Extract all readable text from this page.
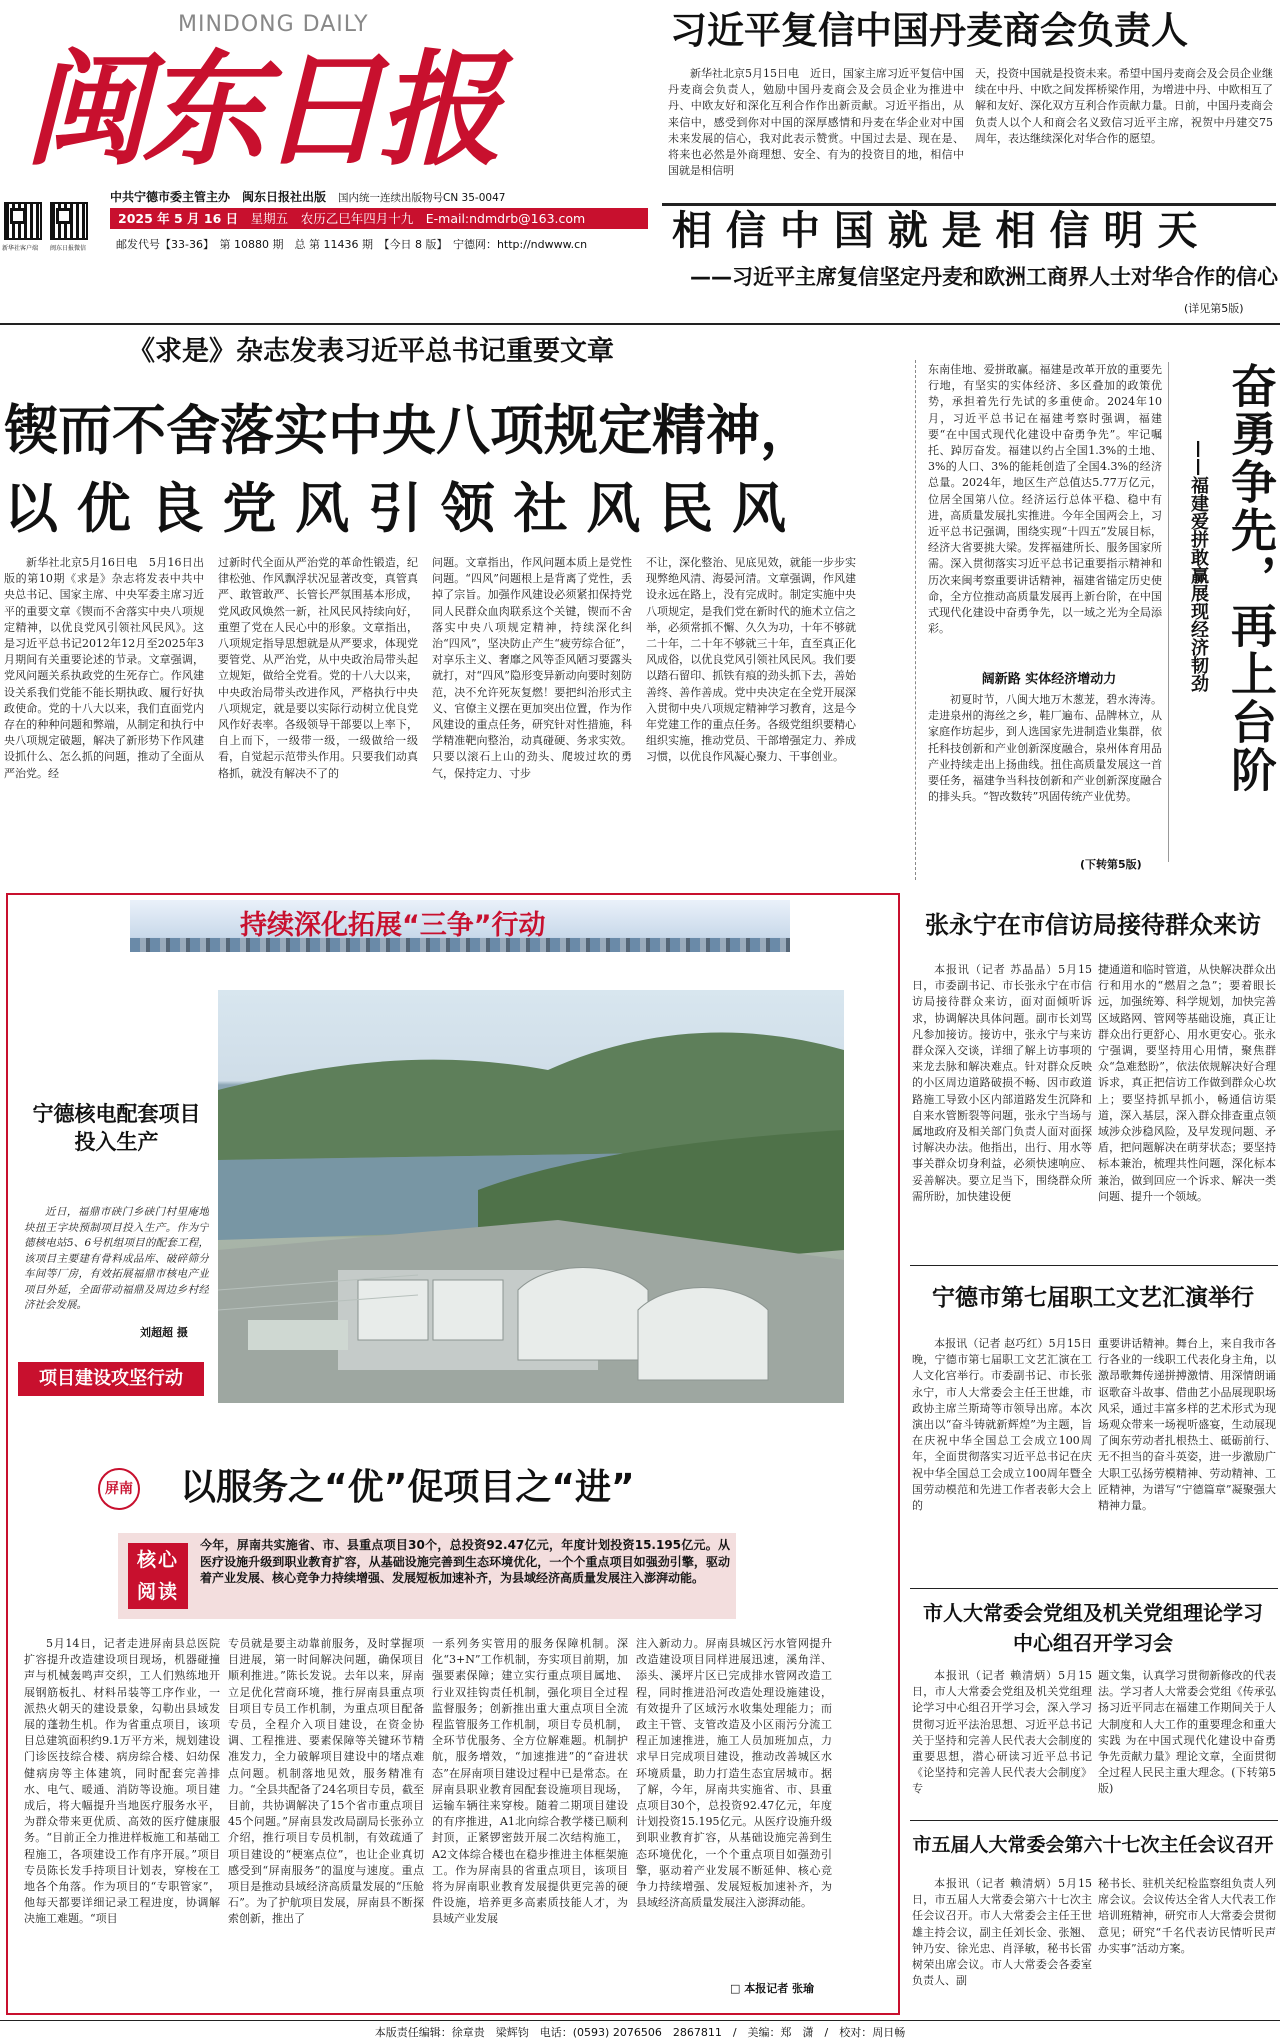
MINDONG DAILY
闽东日报
中共宁德市委主管主办　闽东日报社出版　 国内统一连续出版物号CN 35-0047
新华社客户端 闽东日报微信
2025 年 5 月 16 日　 星期五　 农历乙巳年四月十九　 E-mail:ndmdrb@163.com
邮发代号【33-36】　 第 10880 期　 总 第 11436 期　 【今日 8 版】　 宁德网：http://ndwww.cn
习近平复信中国丹麦商会负责人

新华社北京5月15日电　近日，国家主席习近平复信中国丹麦商会负责人，勉励中国丹麦商会及会员企业为推进中丹、中欧友好和深化互利合作作出新贡献。习近平指出，从来信中，感受到你对中国的深厚感情和丹麦在华企业对中国未来发展的信心，我对此表示赞赏。中国过去是、现在是、将来也必然是外商理想、安全、有为的投资目的地，相信中国就是相信明

天，投资中国就是投资未来。希望中国丹麦商会及会员企业继续在中丹、中欧之间发挥桥梁作用，为增进中丹、中欧相互了解和友好、深化双方互利合作贡献力量。日前，中国丹麦商会负责人以个人和商会名义致信习近平主席，祝贺中丹建交75周年，表达继续深化对华合作的愿望。

相 信 中 国 就 是 相 信 明 天
——习近平主席复信坚定丹麦和欧洲工商界人士对华合作的信心
(详见第5版)
《求是》杂志发表习近平总书记重要文章
锲而不舍落实中央八项规定精神，
以 优 良 党 风 引 领 社 风 民 风

新华社北京5月16日电　5月16日出版的第10期《求是》杂志将发表中共中央总书记、国家主席、中央军委主席习近平的重要文章《锲而不舍落实中央八项规定精神，以优良党风引领社风民风》。这是习近平总书记2012年12月至2025年3月期间有关重要论述的节录。文章强调，党风问题关系执政党的生死存亡。作风建设关系我们党能不能长期执政、履行好执政使命。党的十八大以来，我们直面党内存在的种种问题和弊端，从制定和执行中央八项规定破题，解决了新形势下作风建设抓什么、怎么抓的问题，推动了全面从严治党。经

过新时代全面从严治党的革命性锻造，纪律松弛、作风飘浮状况显著改变，真管真严、敢管敢严、长管长严氛围基本形成，党风政风焕然一新，社风民风持续向好，重塑了党在人民心中的形象。文章指出，八项规定指导思想就是从严要求，体现党要管党、从严治党，从中央政治局带头起立规矩，做给全党看。党的十八大以来，中央政治局带头改进作风，严格执行中央八项规定，就是要以实际行动树立优良党风作好表率。各级领导干部要以上率下，自上而下，一级带一级，一级做给一级看，自觉起示范带头作用。只要我们动真格抓，就没有解决不了的

问题。文章指出，作风问题本质上是党性问题。“四风”问题根上是背离了党性，丢掉了宗旨。加强作风建设必须紧扣保持党同人民群众血肉联系这个关键，锲而不舍落实中央八项规定精神，持续深化纠治“四风”，坚决防止产生“疲劳综合征”，对享乐主义、奢靡之风等歪风陋习要露头就打，对“四风”隐形变异新动向要时刻防范，决不允许死灰复燃！要把纠治形式主义、官僚主义摆在更加突出位置，作为作风建设的重点任务，研究针对性措施，科学精准靶向整治，动真碰硬、务求实效。只要以滚石上山的劲头、爬坡过坎的勇气，保持定力、寸步

不让，深化整治、见底见效，就能一步步实现弊绝风清、海晏河清。文章强调，作风建设永远在路上，没有完成时。制定实施中央八项规定，是我们党在新时代的施术立信之举，必须常抓不懈、久久为功，十年不够就二十年，二十年不够就三十年，直至真正化风成俗，以优良党风引领社风民风。我们要以踏石留印、抓铁有痕的劲头抓下去，善始善终、善作善成。党中央决定在全党开展深入贯彻中央八项规定精神学习教育，这是今年党建工作的重点任务。各级党组织要精心组织实施，推动党员、干部增强定力、养成习惯，以优良作风凝心聚力、干事创业。

东南佳地、爱拼敢赢。福建是改革开放的重要先行地，有坚实的实体经济、多区叠加的政策优势，承担着先行先试的多重使命。2024年10月，习近平总书记在福建考察时强调，福建要“在中国式现代化建设中奋勇争先”。牢记嘱托、踔厉奋发。福建以约占全国1.3%的土地、3%的人口、3%的能耗创造了全国4.3%的经济总量。2024年，地区生产总值达5.77万亿元，位居全国第八位。经济运行总体平稳、稳中有进，高质量发展扎实推进。今年全国两会上，习近平总书记强调，围绕实现“十四五”发展目标，经济大省要挑大梁。发挥福建所长、服务国家所需。深入贯彻落实习近平总书记重要指示精神和历次来闽考察重要讲话精神，福建省锚定历史使命，全方位推动高质量发展再上新台阶，在中国式现代化建设中奋勇争先，以一域之光为全局添彩。

阔新路 实体经济增动力

初夏时节，八闽大地万木葱茏，碧水涛涛。走进泉州的海丝之乡，鞋厂遍布、品牌林立，从家庭作坊起步，到人选国家先进制造业集群，依托科技创新和产业创新深度融合，泉州体育用品产业持续走出上扬曲线。扭住高质量发展这一首要任务，福建争当科技创新和产业创新深度融合的排头兵。“智改数转”巩固传统产业优势。

(下转第5版)
奋勇争先，再上台阶
——福建爱拼敢赢展现经济韧劲
持续深化拓展“三争”行动
宁德核电配套项目投入生产

近日，福鼎市硖门乡硖门村里庵地块扭王字块预制项目投入生产。作为宁德核电站5、6号机组项目的配套工程，该项目主要建有骨料成品库、破碎筛分车间等厂房，有效拓展福鼎市核电产业项目外延，全面带动福鼎及周边乡村经济社会发展。

刘超超 摄
项目建设攻坚行动
屏南 以服务之“优”促项目之“进”
核心阅读
今年，屏南共实施省、市、县重点项目30个，总投资92.47亿元，年度计划投资15.195亿元。从医疗设施升级到职业教育扩容，从基础设施完善到生态环境优化，一个个重点项目如强劲引擎，驱动着产业发展、核心竞争力持续增强、发展短板加速补齐，为县域经济高质量发展注入澎湃动能。

5月14日，记者走进屏南县总医院扩容提升改造建设项目现场，机器碰撞声与机械轰鸣声交织，工人们熟练地开展钢筋板扎、材料吊装等工序作业，一派热火朝天的建设景象，勾勒出县域发展的蓬勃生机。作为省重点项目，该项目总建筑面积约9.1万平方米，规划建设门诊医技综合楼、病房综合楼、妇幼保健病房等主体建筑，同时配套完善排水、电气、暖通、消防等设施。项目建成后，将大幅提升当地医疗服务水平，为群众带来更优质、高效的医疗健康服务。“目前正全力推进样板施工和基础工程施工，各项建设工作有序开展。”项目专员陈长发手持项目计划表，穿梭在工地各个角落。作为项目的“专职管家”，他每天都要详细记录工程进度，协调解决施工难题。“项目

专员就是要主动靠前服务，及时掌握项目进展，第一时间解决问题，确保项目顺利推进。”陈长发说。去年以来，屏南立足优化营商环境，推行屏南县重点项目项目专员工作机制，为重点项目配备专员，全程介入项目建设，在资金协调、工程推进、要素保障等关键环节精准发力，全力破解项目建设中的堵点难点问题。机制落地见效，服务精准有力。“全县共配备了24名项目专员，截至目前，共协调解决了15个省市重点项目45个问题。”屏南县发改局副局长张孙立介绍，推行项目专员机制，有效疏通了项目建设的“梗塞点位”，也让企业真切感受到“屏南服务”的温度与速度。重点项目是推动县域经济高质量发展的“压舱石”。为了护航项目发展，屏南县不断探索创新，推出了

一系列务实管用的服务保障机制。深化“3+N”工作机制，夯实项目前期，加强要素保障；建立实行重点项目属地、行业双挂钩责任机制，强化项目全过程监督服务；创新推出重大重点项目全流程监管服务工作机制，项目专员机制，全环节优服务、全方位解难题。机制护航，服务增效，“加速推进”的“奋进状态”在屏南项目建设过程中已是常态。在屏南县职业教育园配套设施项目现场，运输车辆往来穿梭。随着二期项目建设的有序推进，A1北向综合教学楼已顺利封顶，正紧锣密鼓开展二次结构施工，A2文体综合楼也在稳步推进主体框架施工。作为屏南县的省重点项目，该项目将为屏南职业教育发展提供更完善的硬件设施，培养更多高素质技能人才，为县域产业发展

注入新动力。屏南县城区污水管网提升改造建设项目同样进展迅速，溪角洋、添头、溪坪片区已完成排水管网改造工程，同时推进沿河改造处理设施建设，有效提升了区域污水收集处理能力；而政主干管、支管改造及小区雨污分流工程正加速推进，施工人员加班加点，力求早日完成项目建设，推动改善城区水环境质量，助力打造生态宜居城市。据了解，今年，屏南共实施省、市、县重点项目30个，总投资92.47亿元，年度计划投资15.195亿元。从医疗设施升级到职业教育扩容，从基础设施完善到生态环境优化，一个个重点项目如强劲引擎，驱动着产业发展不断延伸、核心竞争力持续增强、发展短板加速补齐，为县域经济高质量发展注入澎湃动能。

□ 本报记者 张瑜
张永宁在市信访局接待群众来访

本报讯（记者 苏晶晶）5月15日，市委副书记、市长张永宁在市信访局接待群众来访，面对面倾听诉求，协调解决具体问题。副市长刘骂凡参加接访。接访中，张永宁与来访群众深入交谈，详细了解上访事项的来龙去脉和解决难点。针对群众反映的小区周边道路破损不畅、因市政道路施工导致小区内部道路发生沉降和自来水管断裂等问题，张永宁当场与属地政府及相关部门负责人面对面探讨解决办法。他指出，出行、用水等事关群众切身利益，必须快速响应、妥善解决。要立足当下，围绕群众所需所盼，加快建设便

捷通道和临时管道，从快解决群众出行和用水的“燃眉之急”；要着眼长远，加强统筹、科学规划，加快完善区域路网、管网等基础设施，真正让群众出行更舒心、用水更安心。张永宁强调，要坚持用心用情，聚焦群众“急难愁盼”，依法依规解决好合理诉求，真正把信访工作做到群众心坎上；要坚持抓早抓小，畅通信访渠道，深入基层，深入群众排查重点领域涉众涉稳风险，及早发现问题、矛盾，把问题解决在萌芽状态；要坚持标本兼治，梳理共性问题，深化标本兼治，做到回应一个诉求、解决一类问题、提升一个领域。

宁德市第七届职工文艺汇演举行

本报讯（记者 赵巧红）5月15日晚，宁德市第七届职工文艺汇演在工人文化宫举行。市委副书记、市长张永宁，市人大常委会主任王世雄，市政协主席兰斯琦等市领导出席。本次演出以“奋斗铸就新辉煌”为主题，旨在庆祝中华全国总工会成立100周年，全面贯彻落实习近平总书记在庆祝中华全国总工会成立100周年暨全国劳动模范和先进工作者表彰大会上的

重要讲话精神。舞台上，来自我市各行各业的一线职工代表化身主角，以激昂歌舞传递拼搏激情、用深情朗诵讴歌奋斗故事、借曲艺小品展现职场风采，通过丰富多样的艺术形式为现场观众带来一场视听盛宴，生动展现了闽东劳动者扎根热土、砥砺前行、无不担当的奋斗英姿，进一步激励广大职工弘扬劳模精神、劳动精神、工匠精神，为谱写“宁德篇章”凝聚强大精神力量。

市人大常委会党组及机关党组理论学习中心组召开学习会

本报讯（记者 赖清炳）5月15日，市人大常委会党组及机关党组理论学习中心组召开学习会，深入学习贯彻习近平法治思想、习近平总书记关于坚持和完善人民代表大会制度的重要思想，潜心研读习近平总书记《论坚持和完善人民代表大会制度》专

题文集，认真学习贯彻新修改的代表法。学习者人大常委会党组《传承弘扬习近平同志在福建工作期间关于人大制度和人大工作的重要理念和重大实践 为在中国式现代化建设中奋勇争先贡献力量》理论文章，全面贯彻全过程人民民主重大理念。(下转第5版)

市五届人大常委会第六十七次主任会议召开

本报讯（记者 赖清炳）5月15日，市五届人大常委会第六十七次主任会议召开。市人大常委会主任王世雄主持会议，副主任刘长金、张翘、钟乃安、徐光忠、肖泽敏，秘书长雷树荣出席会议。市人大常委会各委室负责人、副

秘书长、驻机关纪检监察组负责人列席会议。会议传达全省人大代表工作培训班精神，研究市人大常委会贯彻意见；研究“千名代表访民情听民声办实事”活动方案。

本版责任编辑：徐章贵　梁辉钧　电话：(0593) 2076506　2867811　/　美编：郑　潇　/　校对：周日畅
